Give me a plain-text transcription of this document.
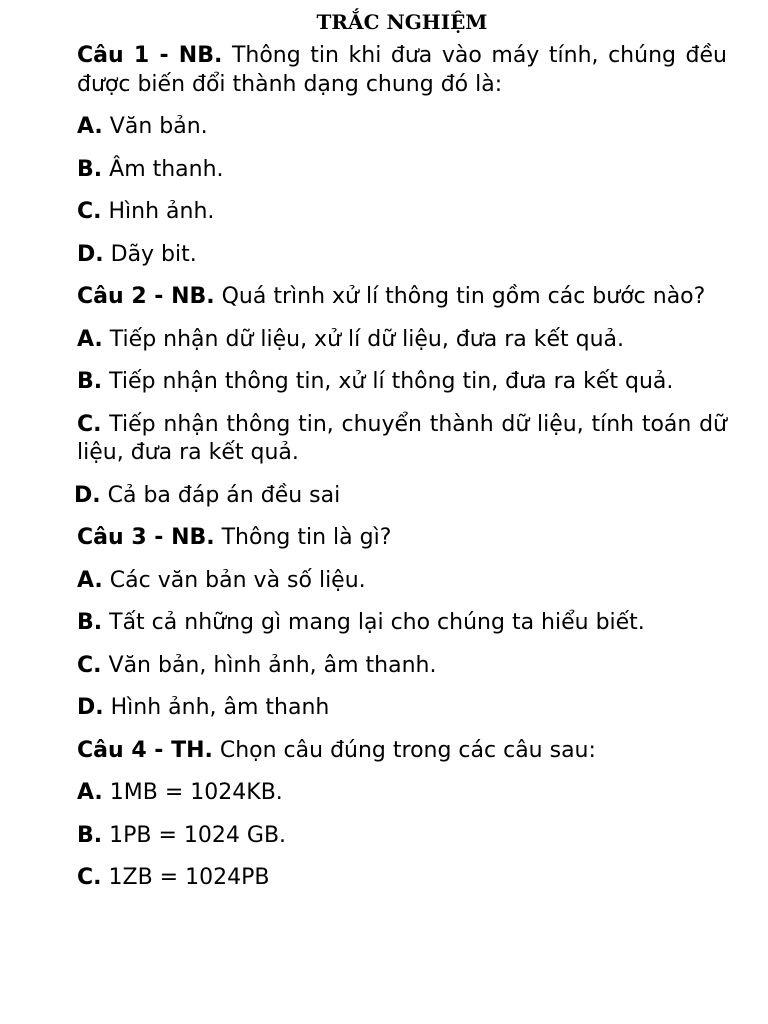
TRẮC NGHIỆM

Câu 1 - NB. Thông tin khi đưa vào máy tính, chúng đều được biến đổi thành dạng chung đó là:

A. Văn bản.

B. Âm thanh.

C. Hình ảnh.

D. Dãy bit.

Câu 2 - NB. Quá trình xử lí thông tin gồm các bước nào?

A. Tiếp nhận dữ liệu, xử lí dữ liệu, đưa ra kết quả.

B. Tiếp nhận thông tin, xử lí thông tin, đưa ra kết quả.

C. Tiếp nhận thông tin, chuyển thành dữ liệu, tính toán dữ liệu, đưa ra kết quả.

D. Cả ba đáp án đều sai

Câu 3 - NB. Thông tin là gì?

A. Các văn bản và số liệu.

B. Tất cả những gì mang lại cho chúng ta hiểu biết.

C. Văn bản, hình ảnh, âm thanh.

D. Hình ảnh, âm thanh

Câu 4 - TH. Chọn câu đúng trong các câu sau:

A. 1MB = 1024KB.

B. 1PB = 1024 GB.

C. 1ZB = 1024PB
